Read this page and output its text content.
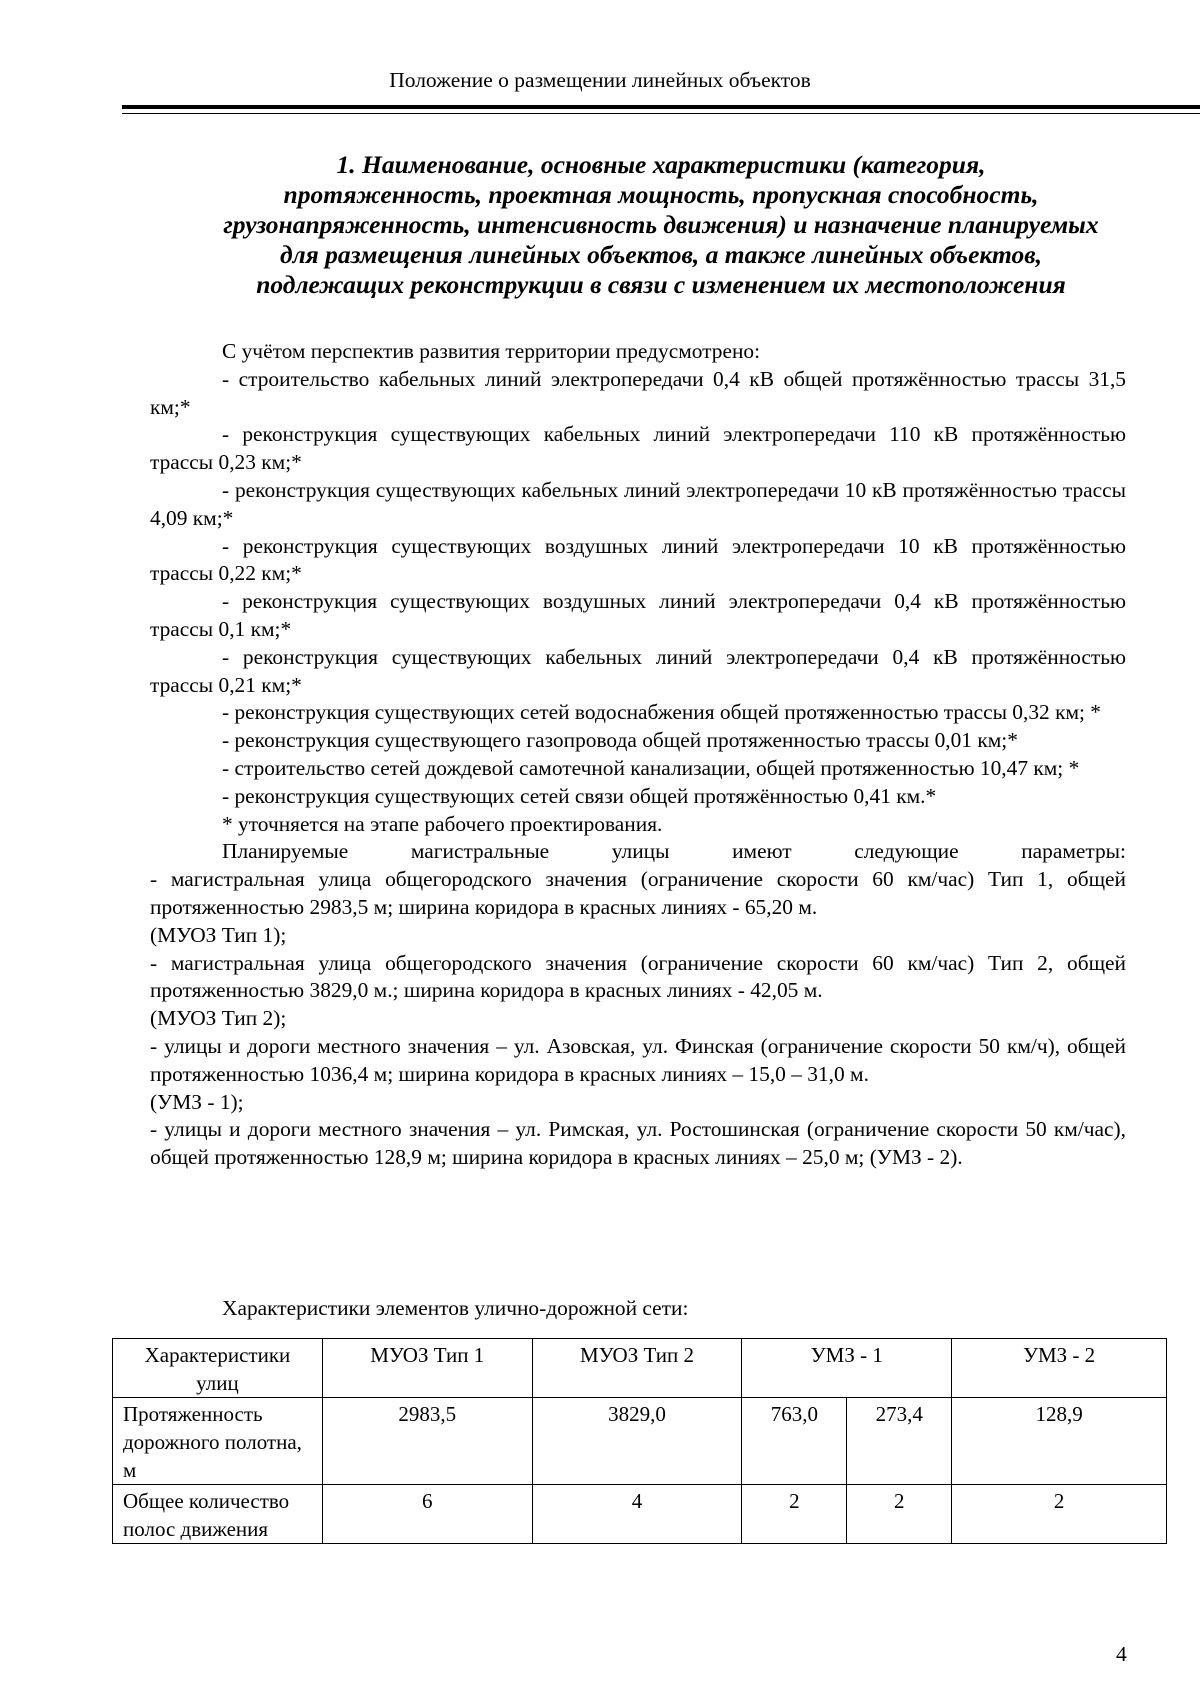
Положение о размещении линейных объектов
1. Наименование, основные характеристики (категория,
протяженность, проектная мощность, пропускная способность,
грузонапряженность, интенсивность движения) и назначение планируемых
для размещения линейных объектов, а также линейных объектов,
подлежащих реконструкции в связи с изменением их местоположения

С учётом перспектив развития территории предусмотрено:

- строительство кабельных линий электропередачи 0,4 кВ общей протяжённостью трассы 31,5 км;*

- реконструкция существующих кабельных линий электропередачи 110 кВ протяжённостью трассы 0,23 км;*

- реконструкция существующих кабельных линий электропередачи 10 кВ протяжённостью трассы 4,09 км;*

- реконструкция существующих воздушных линий электропередачи 10 кВ протяжённостью трассы 0,22 км;*

- реконструкция существующих воздушных линий электропередачи 0,4 кВ протяжённостью трассы 0,1 км;*

- реконструкция существующих кабельных линий электропередачи 0,4 кВ протяжённостью трассы 0,21 км;*

- реконструкция существующих сетей водоснабжения общей протяженностью трассы 0,32 км; *

- реконструкция существующего газопровода общей протяженностью трассы 0,01 км;*

- строительство сетей дождевой самотечной канализации, общей протяженностью 10,47 км; *

- реконструкция существующих сетей связи общей протяжённостью 0,41 км.*

* уточняется на этапе рабочего проектирования.

Планируемые магистральные улицы имеют следующие параметры:

- магистральная улица общегородского значения (ограничение скорости 60 км/час) Тип 1, общей протяженностью 2983,5 м; ширина коридора в красных линиях - 65,20 м.

(МУОЗ Тип 1);

- магистральная улица общегородского значения (ограничение скорости 60 км/час) Тип 2, общей протяженностью 3829,0 м.; ширина коридора в красных линиях - 42,05 м.

(МУОЗ Тип 2);

- улицы и дороги местного значения – ул. Азовская, ул. Финская (ограничение скорости 50 км/ч), общей протяженностью 1036,4 м; ширина коридора в красных линиях – 15,0 – 31,0 м.

(УМЗ - 1);

- улицы и дороги местного значения – ул. Римская, ул. Ростошинская (ограничение скорости 50 км/час), общей протяженностью 128,9 м; ширина коридора в красных линиях – 25,0 м; (УМЗ - 2).

Характеристики элементов улично-дорожной сети:

Характеристики улиц	МУОЗ Тип 1	МУОЗ Тип 2	УМЗ - 1		УМЗ - 2
Протяженность дорожного полотна, м	2983,5	3829,0	763,0	273,4	128,9
Общее количество полос движения	6	4	2	2	2
4
